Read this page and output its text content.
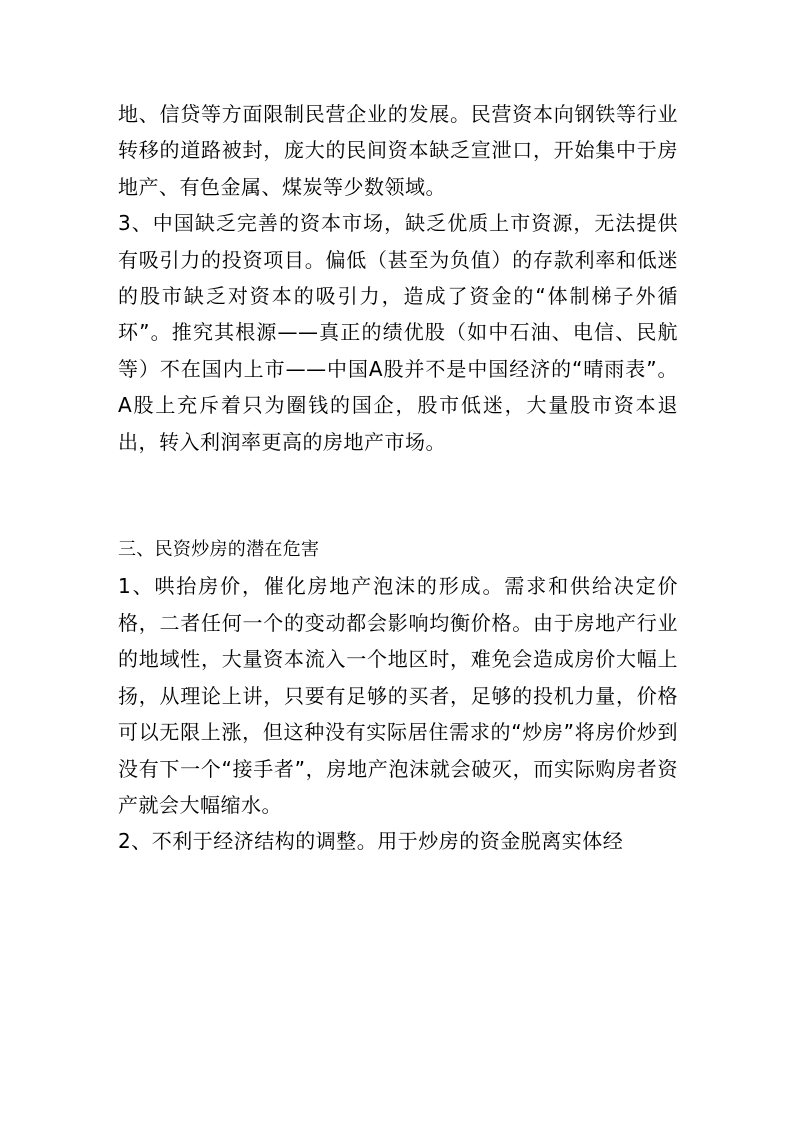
地、信贷等方面限制民营企业的发展。民营资本向钢铁等行业转移的道路被封，庞大的民间资本缺乏宣泄口，开始集中于房地产、有色金属、煤炭等少数领域。

3、中国缺乏完善的资本市场，缺乏优质上市资源，无法提供有吸引力的投资项目。偏低（甚至为负值）的存款利率和低迷的股市缺乏对资本的吸引力，造成了资金的“体制梯子外循环”。推究其根源——真正的绩优股（如中石油、电信、民航等）不在国内上市——中国A股并不是中国经济的“晴雨表”。A股上充斥着只为圈钱的国企，股市低迷，大量股市资本退出，转入利润率更高的房地产市场。

三、民资炒房的潜在危害

1、哄抬房价，催化房地产泡沫的形成。需求和供给决定价格，二者任何一个的变动都会影响均衡价格。由于房地产行业的地域性，大量资本流入一个地区时，难免会造成房价大幅上扬，从理论上讲，只要有足够的买者，足够的投机力量，价格可以无限上涨，但这种没有实际居住需求的“炒房”将房价炒到没有下一个“接手者”，房地产泡沫就会破灭，而实际购房者资产就会大幅缩水。

2、不利于经济结构的调整。用于炒房的资金脱离实体经
